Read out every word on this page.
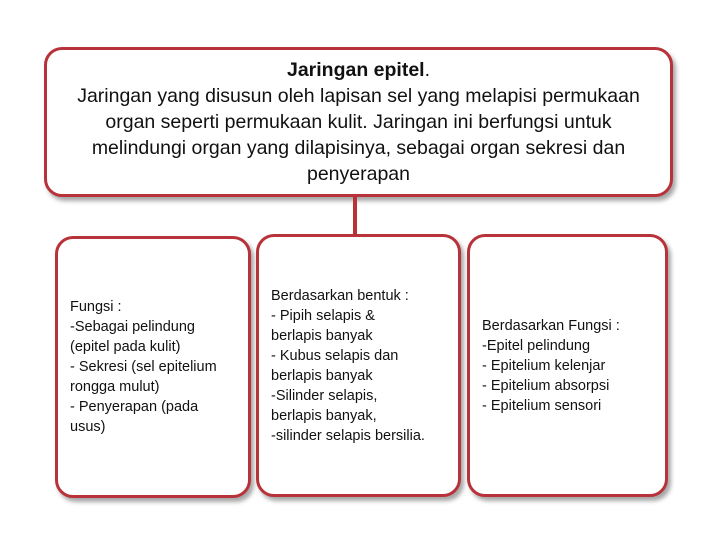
Jaringan epitel.
Jaringan yang disusun oleh lapisan sel yang melapisi permukaan organ seperti permukaan kulit. Jaringan ini berfungsi untuk melindungi organ yang dilapisinya, sebagai organ sekresi dan penyerapan
Fungsi :
-Sebagai pelindung
(epitel pada kulit)
- Sekresi (sel epitelium
rongga mulut)
- Penyerapan (pada
usus)
Berdasarkan bentuk :
- Pipih selapis &
berlapis banyak
- Kubus selapis dan
berlapis banyak
-Silinder selapis,
berlapis banyak,
-silinder selapis bersilia.
Berdasarkan Fungsi :
-Epitel pelindung
- Epitelium kelenjar
- Epitelium absorpsi
- Epitelium sensori
